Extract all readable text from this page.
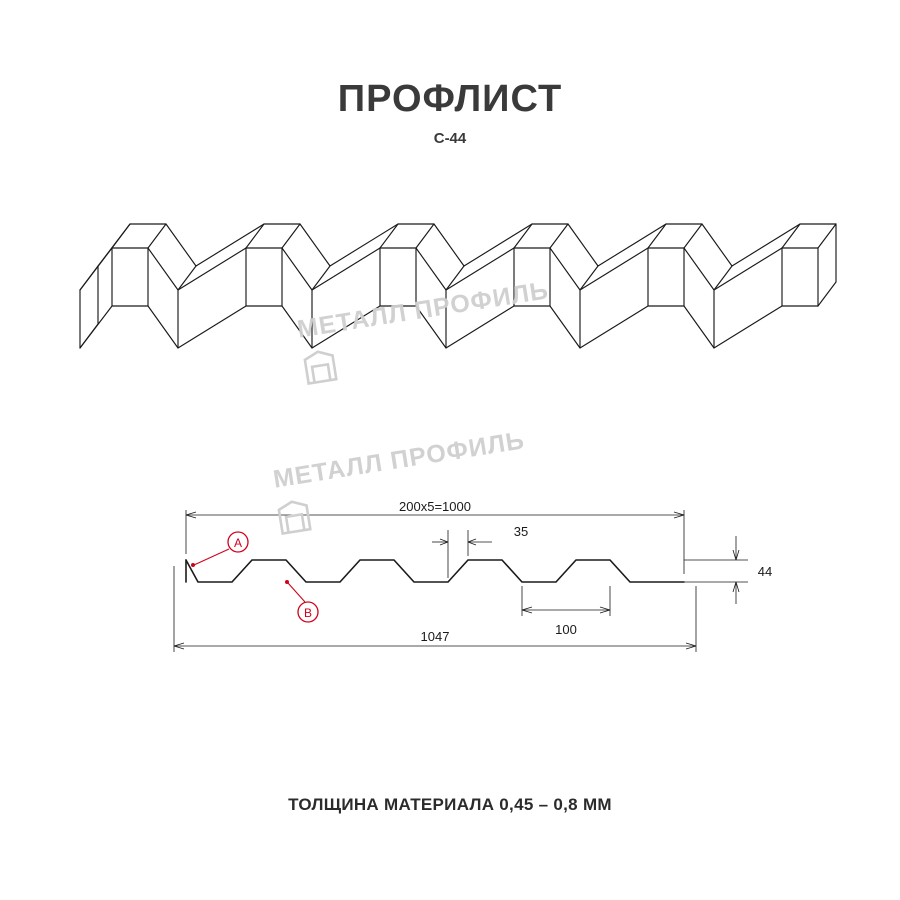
ПРОФЛИСТ
С-44
200х5=1000
35
100
1047
44
A
B
МЕТАЛЛ ПРОФИЛЬ
МЕТАЛЛ ПРОФИЛЬ
ТОЛЩИНА МАТЕРИАЛА 0,45 – 0,8 ММ
